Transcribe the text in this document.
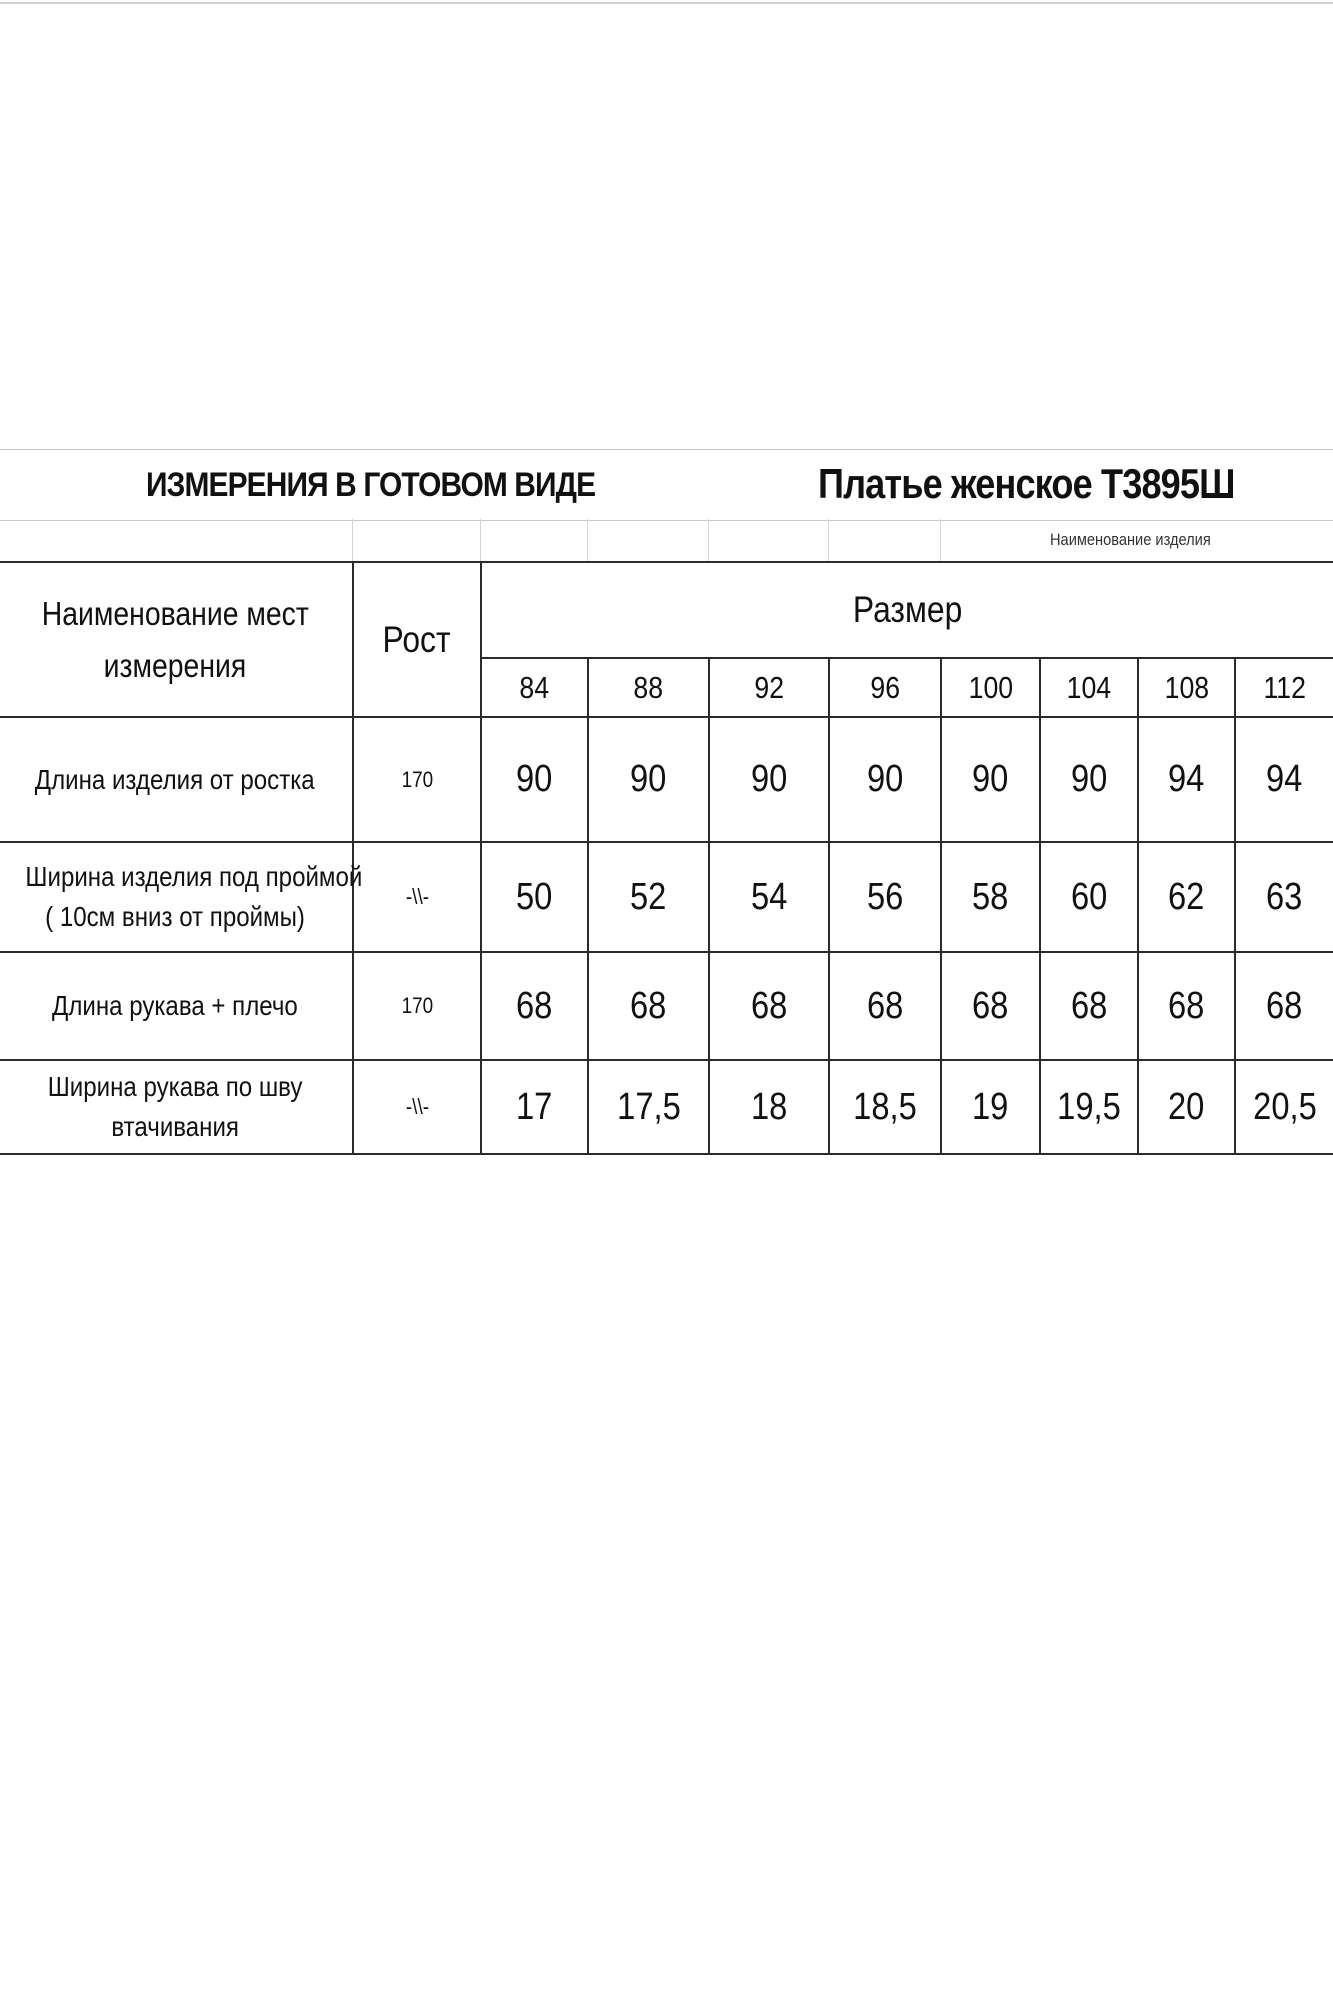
ИЗМЕРЕНИЯ В ГОТОВОМ ВИДЕ	Платье женское Т3895Ш
Наименование изделия
Наименование мест
измерения	Рост	Размер							
		84	88	92	96	100	104	108	112
Длина изделия от ростка	170	90	90	90	90	90	90	94	94
Ширина изделия под проймой
( 10см вниз от проймы)	-\\-	50	52	54	56	58	60	62	63
Длина рукава + плечо	170	68	68	68	68	68	68	68	68
Ширина рукава по шву
втачивания	-\\-	17	17,5	18	18,5	19	19,5	20	20,5
